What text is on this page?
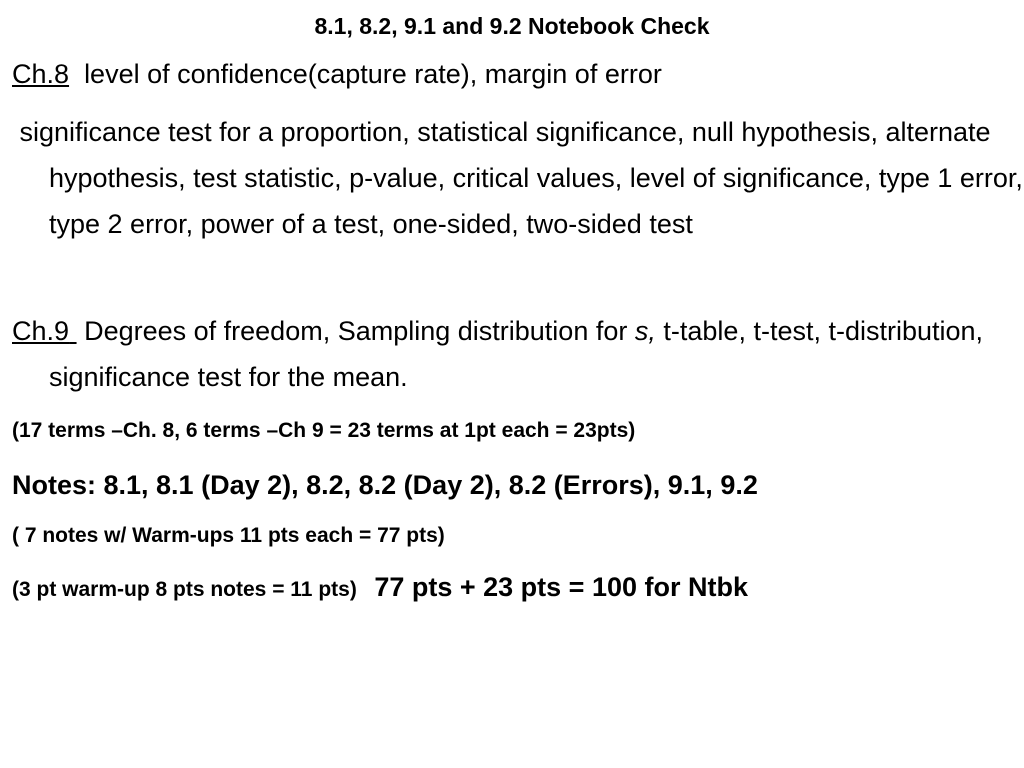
8.1, 8.2, 9.1 and 9.2 Notebook Check

Ch.8 level of confidence(capture rate), margin of error

significance test for a proportion, statistical significance, null hypothesis, alternate hypothesis, test statistic, p-value, critical values, level of significance, type 1 error, type 2 error, power of a test, one-sided, two-sided test

Ch.9 Degrees of freedom, Sampling distribution for s, t-table, t-test, t-distribution, significance test for the mean.

(17 terms –Ch. 8, 6 terms –Ch 9 = 23 terms at 1pt each = 23pts)

Notes: 8.1, 8.1 (Day 2), 8.2, 8.2 (Day 2), 8.2 (Errors), 9.1, 9.2

( 7 notes w/ Warm-ups 11 pts each = 77 pts)

(3 pt warm-up 8 pts notes = 11 pts) 77 pts + 23 pts = 100 for Ntbk
